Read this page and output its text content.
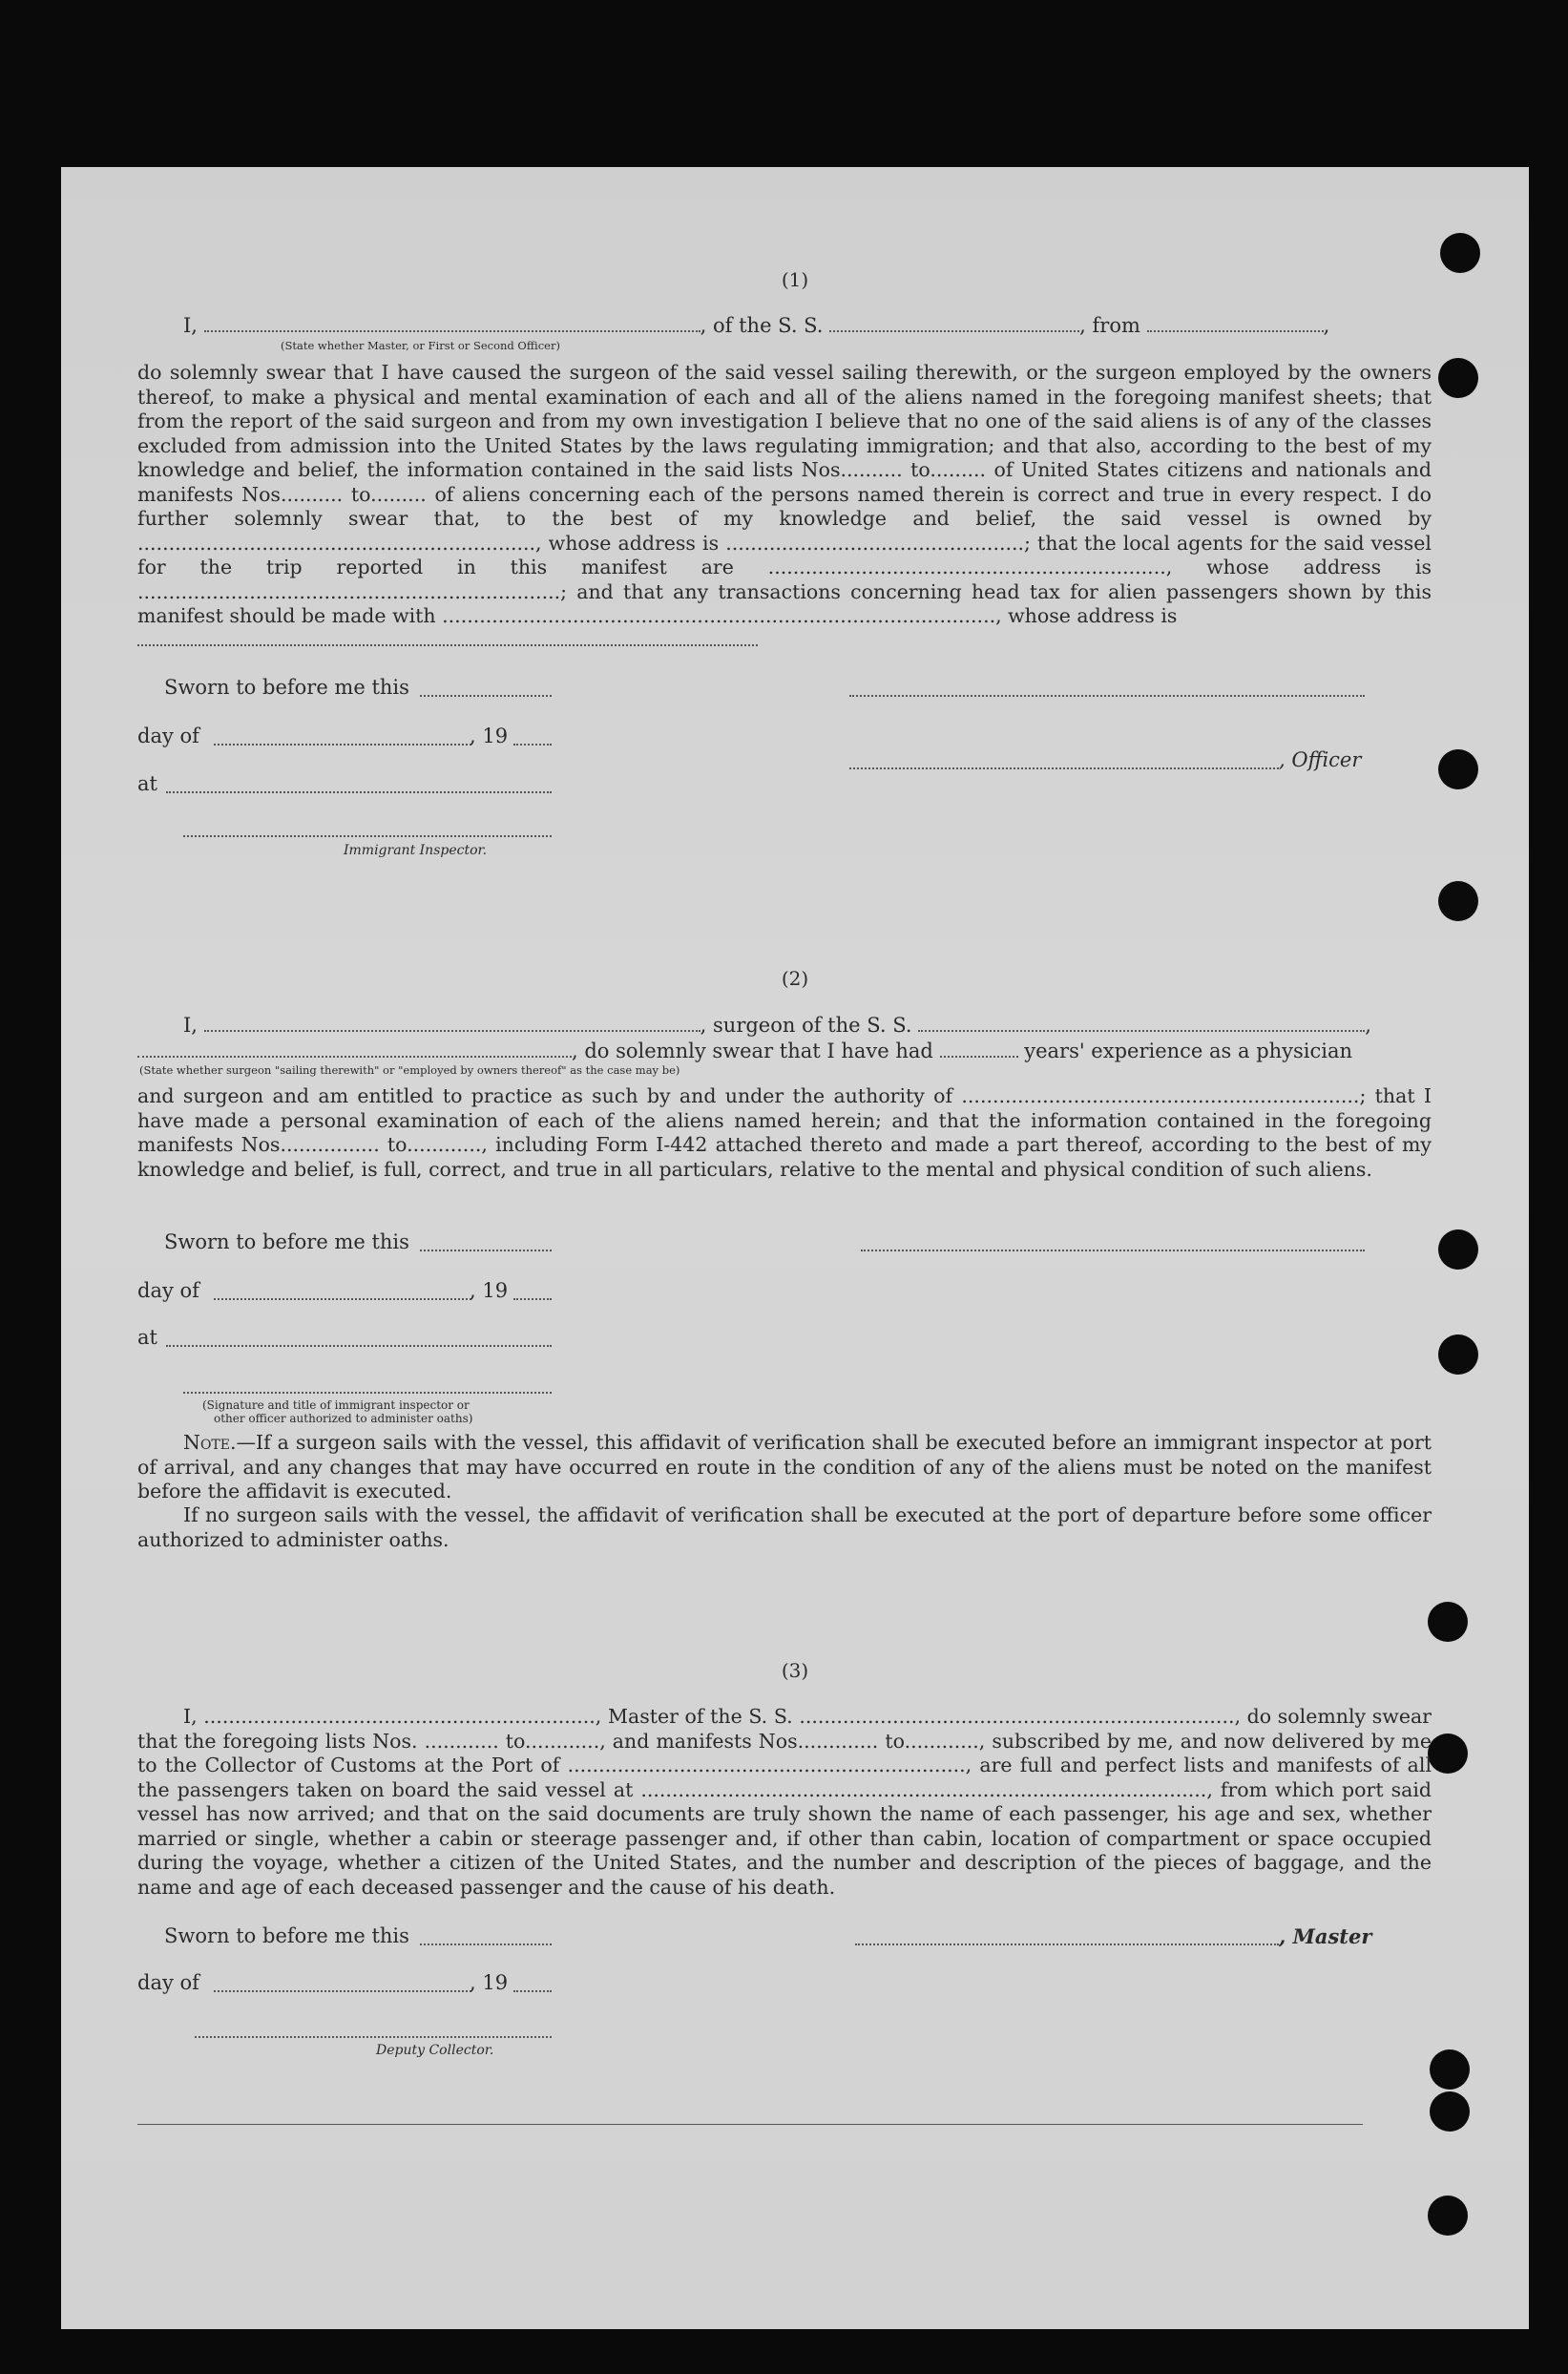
(1)
I,	, of the S. S.	, from	,
(State whether Master, or First or Second Officer)
do solemnly swear that I have caused the surgeon of the said vessel sailing therewith, or the surgeon employed by the owners thereof, to make a physical and mental examination of each and all of the aliens named in the foregoing manifest sheets; that from the report of the said surgeon and from my own investigation I believe that no one of the said aliens is of any of the classes excluded from admission into the United States by the laws regulating immigration; and that also, according to the best of my knowledge and belief, the information contained in the said lists Nos.......... to......... of United States citizens and nationals and manifests Nos.......... to......... of aliens concerning each of the persons named therein is correct and true in every respect. I do further solemnly swear that, to the best of my knowledge and belief, the said vessel is owned by ................................................................, whose address is ................................................; that the local agents for the said vessel for the trip reported in this manifest are ................................................................, whose address is ....................................................................; and that any transactions concerning head tax for alien passengers shown by this manifest should be made with ........................................................................................., whose address is
Sworn to before me this
day of	, 19
, Officer
at
Immigrant Inspector.
(2)
I,	, surgeon of the S. S.	,
, do solemnly swear that I have had	years' experience as a physician
(State whether surgeon "sailing therewith" or "employed by owners thereof" as the case may be)
and surgeon and am entitled to practice as such by and under the authority of ................................................................; that I have made a personal examination of each of the aliens named herein; and that the information contained in the foregoing manifests Nos................ to............, including Form I-442 attached thereto and made a part thereof, according to the best of my knowledge and belief, is full, correct, and true in all particulars, relative to the mental and physical condition of such aliens.
Sworn to before me this
day of	, 19
at
(Signature and title of immigrant inspector or
other officer authorized to administer oaths)
Note.—If a surgeon sails with the vessel, this affidavit of verification shall be executed before an immigrant inspector at port of arrival, and any changes that may have occurred en route in the condition of any of the aliens must be noted on the manifest before the affidavit is executed.
If no surgeon sails with the vessel, the affidavit of verification shall be executed at the port of departure before some officer authorized to administer oaths.
(3)
I, ..............................................................., Master of the S. S. ......................................................................, do solemnly swear that the foregoing lists Nos. ............ to............, and manifests Nos............. to............, subscribed by me, and now delivered by me to the Collector of Customs at the Port of ................................................................, are full and perfect lists and manifests of all the passengers taken on board the said vessel at ..........................................................................................., from which port said vessel has now arrived; and that on the said documents are truly shown the name of each passenger, his age and sex, whether married or single, whether a cabin or steerage passenger and, if other than cabin, location of compartment or space occupied during the voyage, whether a citizen of the United States, and the number and description of the pieces of baggage, and the name and age of each deceased passenger and the cause of his death.
Sworn to before me this	, Master
day of	, 19
Deputy Collector.
